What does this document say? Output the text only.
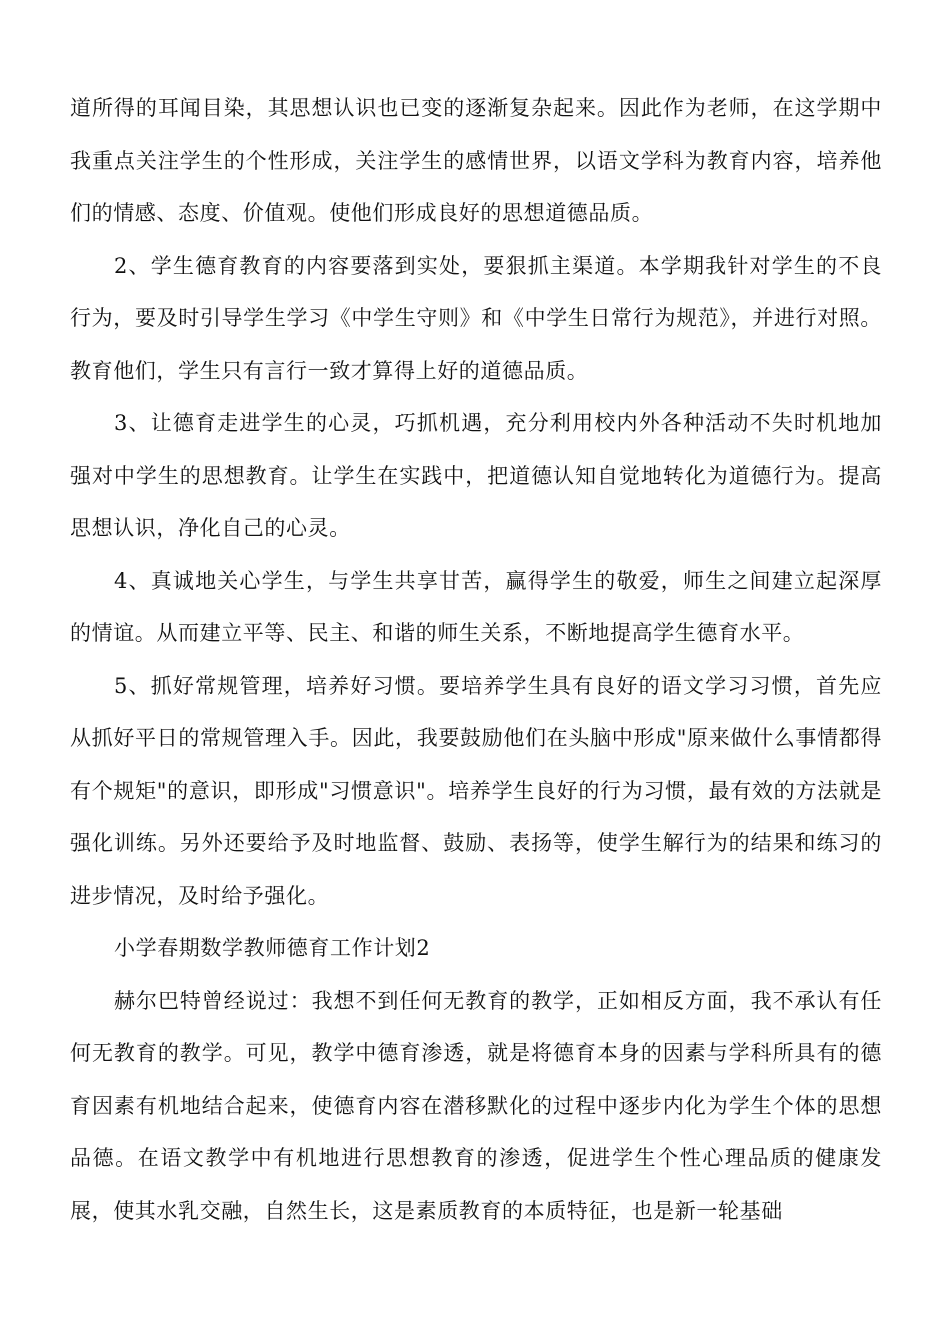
道所得的耳闻目染，其思想认识也已变的逐渐复杂起来。因此作为老师，在这学期中我重点关注学生的个性形成，关注学生的感情世界，以语文学科为教育内容，培养他们的情感、态度、价值观。使他们形成良好的思想道德品质。

2、学生德育教育的内容要落到实处，要狠抓主渠道。本学期我针对学生的不良行为，要及时引导学生学习《中学生守则》和《中学生日常行为规范》，并进行对照。教育他们，学生只有言行一致才算得上好的道德品质。

3、让德育走进学生的心灵，巧抓机遇，充分利用校内外各种活动不失时机地加强对中学生的思想教育。让学生在实践中，把道德认知自觉地转化为道德行为。提高思想认识，净化自己的心灵。

4、真诚地关心学生，与学生共享甘苦，赢得学生的敬爱，师生之间建立起深厚的情谊。从而建立平等、民主、和谐的师生关系，不断地提高学生德育水平。

5、抓好常规管理，培养好习惯。要培养学生具有良好的语文学习习惯，首先应从抓好平日的常规管理入手。因此，我要鼓励他们在头脑中形成"原来做什么事情都得有个规矩"的意识，即形成"习惯意识"。培养学生良好的行为习惯，最有效的方法就是强化训练。另外还要给予及时地监督、鼓励、表扬等，使学生解行为的结果和练习的进步情况，及时给予强化。

小学春期数学教师德育工作计划2

赫尔巴特曾经说过：我想不到任何无教育的教学，正如相反方面，我不承认有任何无教育的教学。可见，教学中德育渗透，就是将德育本身的因素与学科所具有的德育因素有机地结合起来，使德育内容在潜移默化的过程中逐步内化为学生个体的思想品德。在语文教学中有机地进行思想教育的渗透，促进学生个性心理品质的健康发展，使其水乳交融，自然生长，这是素质教育的本质特征，也是新一轮基础
